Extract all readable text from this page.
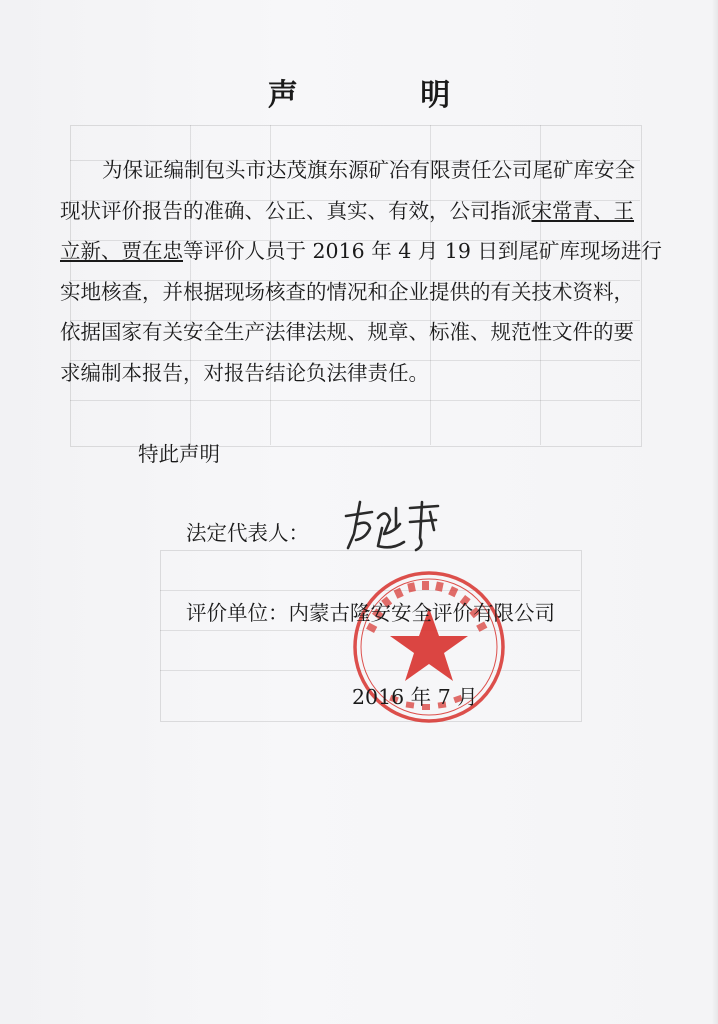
声 明
为保证编制包头市达茂旗东源矿冶有限责任公司尾矿库安全
现状评价报告的准确、公正、真实、有效，公司指派宋常青、王
立新、贾在忠等评价人员于 2016 年 4 月 19 日到尾矿库现场进行
实地核查，并根据现场核查的情况和企业提供的有关技术资料，
依据国家有关安全生产法律法规、规章、标准、规范性文件的要
求编制本报告，对报告结论负法律责任。
特此声明
法定代表人：
评价单位：内蒙古隆安安全评价有限公司
2016 年 7 月
